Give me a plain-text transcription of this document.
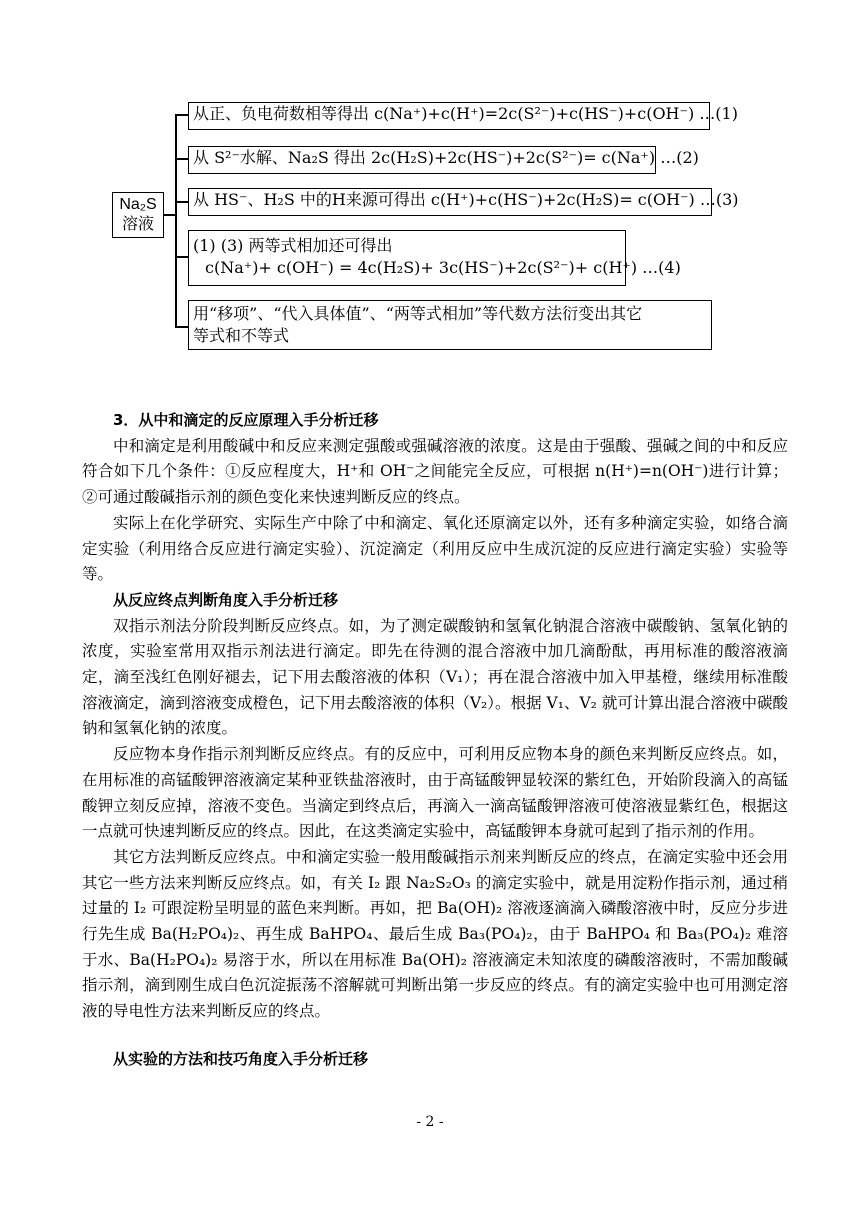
Na₂S
溶液
从正、负电荷数相等得出 c(Na⁺)+c(H⁺)=2c(S²⁻)+c(HS⁻)+c(OH⁻) …(1)
从 S²⁻水解、Na₂S 得出 2c(H₂S)+2c(HS⁻)+2c(S²⁻)= c(Na⁺) …(2)
从 HS⁻、H₂S 中的H来源可得出 c(H⁺)+c(HS⁻)+2c(H₂S)= c(OH⁻) …(3)
(1) (3) 两等式相加还可得出
c(Na⁺)+ c(OH⁻) = 4c(H₂S)+ 3c(HS⁻)+2c(S²⁻)+ c(H⁺) …(4)
用“移项”、“代入具体值”、“两等式相加”等代数方法衍变出其它
等式和不等式

3．从中和滴定的反应原理入手分析迁移

中和滴定是利用酸碱中和反应来测定强酸或强碱溶液的浓度。这是由于强酸、强碱之间的中和反应符合如下几个条件：①反应程度大，H⁺和 OH⁻之间能完全反应，可根据 n(H⁺)=n(OH⁻)进行计算；②可通过酸碱指示剂的颜色变化来快速判断反应的终点。

实际上在化学研究、实际生产中除了中和滴定、氧化还原滴定以外，还有多种滴定实验，如络合滴定实验（利用络合反应进行滴定实验）、沉淀滴定（利用反应中生成沉淀的反应进行滴定实验）实验等等。

从反应终点判断角度入手分析迁移

双指示剂法分阶段判断反应终点。如，为了测定碳酸钠和氢氧化钠混合溶液中碳酸钠、氢氧化钠的浓度，实验室常用双指示剂法进行滴定。即先在待测的混合溶液中加几滴酚酞，再用标准的酸溶液滴定，滴至浅红色刚好褪去，记下用去酸溶液的体积（V₁）；再在混合溶液中加入甲基橙，继续用标准酸溶液滴定，滴到溶液变成橙色，记下用去酸溶液的体积（V₂）。根据 V₁、V₂ 就可计算出混合溶液中碳酸钠和氢氧化钠的浓度。

反应物本身作指示剂判断反应终点。有的反应中，可利用反应物本身的颜色来判断反应终点。如，在用标准的高锰酸钾溶液滴定某种亚铁盐溶液时，由于高锰酸钾显较深的紫红色，开始阶段滴入的高锰酸钾立刻反应掉，溶液不变色。当滴定到终点后，再滴入一滴高锰酸钾溶液可使溶液显紫红色，根据这一点就可快速判断反应的终点。因此，在这类滴定实验中，高锰酸钾本身就可起到了指示剂的作用。

其它方法判断反应终点。中和滴定实验一般用酸碱指示剂来判断反应的终点，在滴定实验中还会用其它一些方法来判断反应终点。如，有关 I₂ 跟 Na₂S₂O₃ 的滴定实验中，就是用淀粉作指示剂，通过稍过量的 I₂ 可跟淀粉呈明显的蓝色来判断。再如，把 Ba(OH)₂ 溶液逐滴滴入磷酸溶液中时，反应分步进行先生成 Ba(H₂PO₄)₂、再生成 BaHPO₄、最后生成 Ba₃(PO₄)₂，由于 BaHPO₄ 和 Ba₃(PO₄)₂ 难溶于水、Ba(H₂PO₄)₂ 易溶于水，所以在用标准 Ba(OH)₂ 溶液滴定未知浓度的磷酸溶液时，不需加酸碱指示剂，滴到刚生成白色沉淀振荡不溶解就可判断出第一步反应的终点。有的滴定实验中也可用测定溶液的导电性方法来判断反应的终点。

从实验的方法和技巧角度入手分析迁移

- 2 -
